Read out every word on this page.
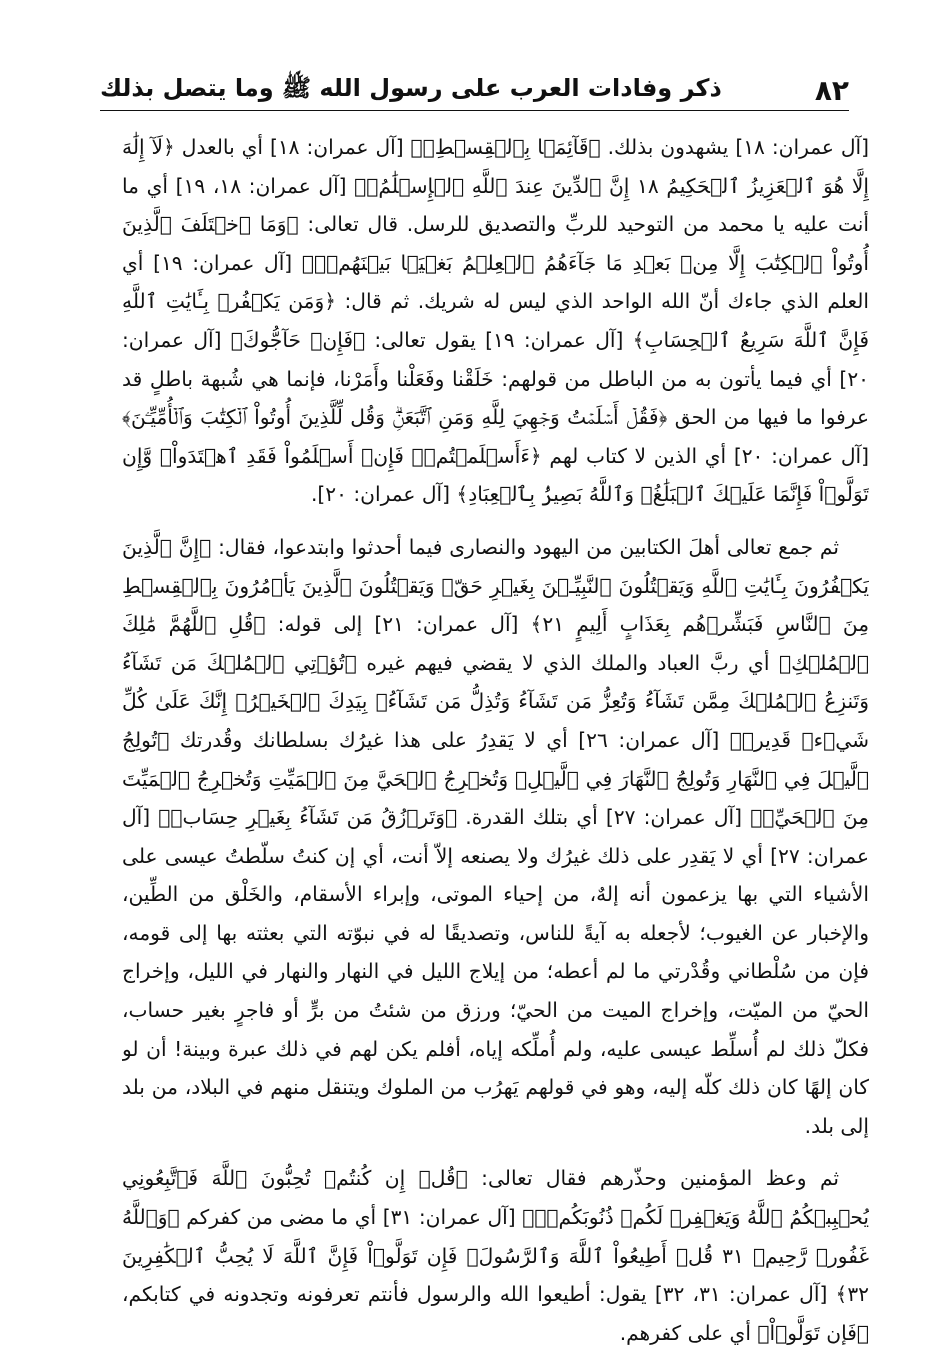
٨٢
ذكر وفادات العرب على رسول الله ﷺ وما يتصل بذلك

[آل عمران: ١٨] يشهدون بذلك. ﴿قَآئِمَۢا بِٱلۡقِسۡطِۚ﴾ [آل عمران: ١٨] أي بالعدل ﴿لَآ إِلَٰهَ إِلَّا هُوَ ٱلۡعَزِيزُ ٱلۡحَكِيمُ ١٨ إِنَّ ٱلدِّينَ عِندَ ٱللَّهِ ٱلۡإِسۡلَٰمُۗ﴾ [آل عمران: ١٨، ١٩] أي ما أنت عليه يا محمد من التوحيد للربِّ والتصديق للرسل. قال تعالى: ﴿وَمَا ٱخۡتَلَفَ ٱلَّذِينَ أُوتُواْ ٱلۡكِتَٰبَ إِلَّا مِنۢ بَعۡدِ مَا جَآءَهُمُ ٱلۡعِلۡمُ بَغۡيَۢا بَيۡنَهُمۡۗ﴾ [آل عمران: ١٩] أي العلم الذي جاءك أنّ الله الواحد الذي ليس له شريك. ثم قال: ﴿وَمَن يَكۡفُرۡ بِـَٔايَٰتِ ٱللَّهِ فَإِنَّ ٱللَّهَ سَرِيعُ ٱلۡحِسَابِ﴾ [آل عمران: ١٩] يقول تعالى: ﴿فَإِنۡ حَآجُّوكَ﴾ [آل عمران: ٢٠] أي فيما يأتون به من الباطل من قولهم: خَلَقْنا وفَعَلْنا وأَمَرْنا، فإنما هي شُبهة باطلٍ قد عرفوا ما فيها من الحق ﴿فَقُلۡ أَسۡلَمۡتُ وَجۡهِيَ لِلَّهِ وَمَنِ ٱتَّبَعَنِۗ وَقُل لِّلَّذِينَ أُوتُواْ ٱلۡكِتَٰبَ وَٱلۡأُمِّيِّـۧنَ﴾ [آل عمران: ٢٠] أي الذين لا كتاب لهم ﴿ءَأَسۡلَمۡتُمۡۚ فَإِنۡ أَسۡلَمُواْ فَقَدِ ٱهۡتَدَواْۖ وَّإِن تَوَلَّوۡاْ فَإِنَّمَا عَلَيۡكَ ٱلۡبَلَٰغُۗ وَٱللَّهُ بَصِيرُۢ بِٱلۡعِبَادِ﴾ [آل عمران: ٢٠].

ثم جمع تعالى أهلَ الكتابين من اليهود والنصارى فيما أحدثوا وابتدعوا، فقال: ﴿إِنَّ ٱلَّذِينَ يَكۡفُرُونَ بِـَٔايَٰتِ ٱللَّهِ وَيَقۡتُلُونَ ٱلنَّبِيِّـۧنَ بِغَيۡرِ حَقّٖ وَيَقۡتُلُونَ ٱلَّذِينَ يَأۡمُرُونَ بِٱلۡقِسۡطِ مِنَ ٱلنَّاسِ فَبَشِّرۡهُم بِعَذَابٍ أَلِيمٍ ٢١﴾ [آل عمران: ٢١] إلى قوله: ﴿قُلِ ٱللَّهُمَّ مَٰلِكَ ٱلۡمُلۡكِ﴾ أي ربَّ العباد والملك الذي لا يقضي فيهم غيره ﴿تُؤۡتِي ٱلۡمُلۡكَ مَن تَشَآءُ وَتَنزِعُ ٱلۡمُلۡكَ مِمَّن تَشَآءُ وَتُعِزُّ مَن تَشَآءُ وَتُذِلُّ مَن تَشَآءُۖ بِيَدِكَ ٱلۡخَيۡرُۖ إِنَّكَ عَلَىٰ كُلِّ شَيۡءٖ قَدِيرٞ﴾ [آل عمران: ٢٦] أي لا يَقدِرُ على هذا غيرُك بسلطانك وقُدرتك ﴿تُولِجُ ٱلَّيۡلَ فِي ٱلنَّهَارِ وَتُولِجُ ٱلنَّهَارَ فِي ٱلَّيۡلِۖ وَتُخۡرِجُ ٱلۡحَيَّ مِنَ ٱلۡمَيِّتِ وَتُخۡرِجُ ٱلۡمَيِّتَ مِنَ ٱلۡحَيِّۖ﴾ [آل عمران: ٢٧] أي بتلك القدرة. ﴿وَتَرۡزُقُ مَن تَشَآءُ بِغَيۡرِ حِسَابٖ﴾ [آل عمران: ٢٧] أي لا يَقدِر على ذلك غيرُك ولا يصنعه إلاّ أنت، أي إن كنتُ سلّطتُ عيسى على الأشياء التي بها يزعمون أنه إلهٌ، من إحياء الموتى، وإبراء الأسقام، والخَلْق من الطِّين، والإخبار عن الغيوب؛ لأجعله به آيةً للناس، وتصديقًا له في نبوّته التي بعثته بها إلى قومه، فإن من سُلْطاني وقُدْرتي ما لم أعطه؛ من إيلاج الليل في النهار والنهار في الليل، وإخراج الحيّ من الميّت، وإخراج الميت من الحيّ؛ ورزق من شئتُ من برٍّ أو فاجرٍ بغير حساب، فكلّ ذلك لم أُسلِّط عيسى عليه، ولم أُملِّكه إياه، أفلم يكن لهم في ذلك عبرة وبينة! أن لو كان إلهًا كان ذلك كلّه إليه، وهو في قولهم يَهرُب من الملوك ويتنقل منهم في البلاد، من بلد إلى بلد.

ثم وعظ المؤمنين وحذّرهم فقال تعالى: ﴿قُلۡ إِن كُنتُمۡ تُحِبُّونَ ٱللَّهَ فَٱتَّبِعُونِي يُحۡبِبۡكُمُ ٱللَّهُ وَيَغۡفِرۡ لَكُمۡ ذُنُوبَكُمۡۚ﴾ [آل عمران: ٣١] أي ما مضى من كفركم ﴿وَٱللَّهُ غَفُورٞ رَّحِيمٞ ٣١ قُلۡ أَطِيعُواْ ٱللَّهَ وَٱلرَّسُولَۖ فَإِن تَوَلَّوۡاْ فَإِنَّ ٱللَّهَ لَا يُحِبُّ ٱلۡكَٰفِرِينَ ٣٢﴾ [آل عمران: ٣١، ٣٢] يقول: أطيعوا الله والرسول فأنتم تعرفونه وتجدونه في كتابكم، ﴿فَإِن تَوَلَّوۡاْ﴾ أي على كفرهم.
